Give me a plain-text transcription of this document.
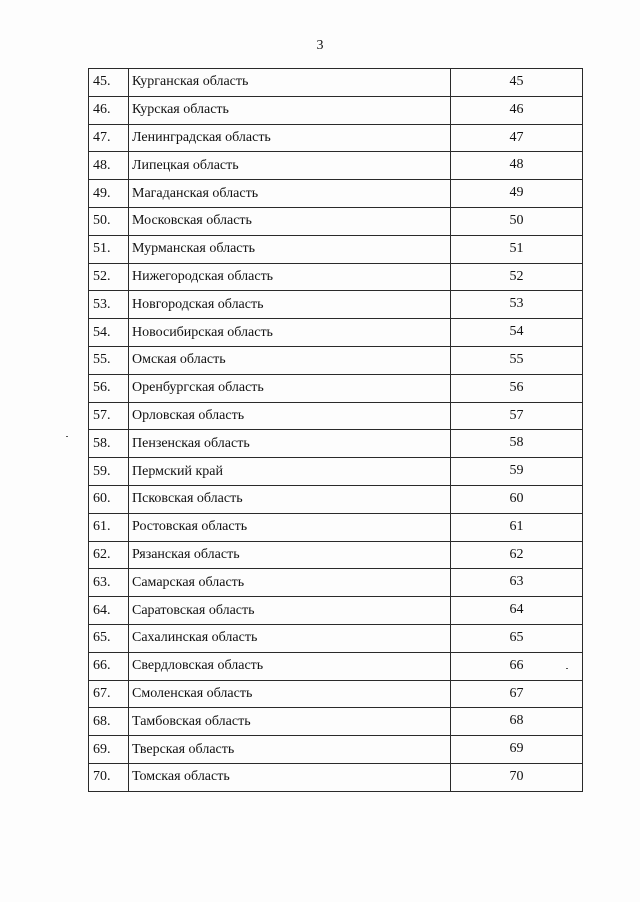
3
45.	Курганская область	45
46.	Курская область	46
47.	Ленинградская область	47
48.	Липецкая область	48
49.	Магаданская область	49
50.	Московская область	50
51.	Мурманская область	51
52.	Нижегородская область	52
53.	Новгородская область	53
54.	Новосибирская область	54
55.	Омская область	55
56.	Оренбургская область	56
57.	Орловская область	57
58.	Пензенская область	58
59.	Пермский край	59
60.	Псковская область	60
61.	Ростовская область	61
62.	Рязанская область	62
63.	Самарская область	63
64.	Саратовская область	64
65.	Сахалинская область	65
66.	Свердловская область	66
67.	Смоленская область	67
68.	Тамбовская область	68
69.	Тверская область	69
70.	Томская область	70
